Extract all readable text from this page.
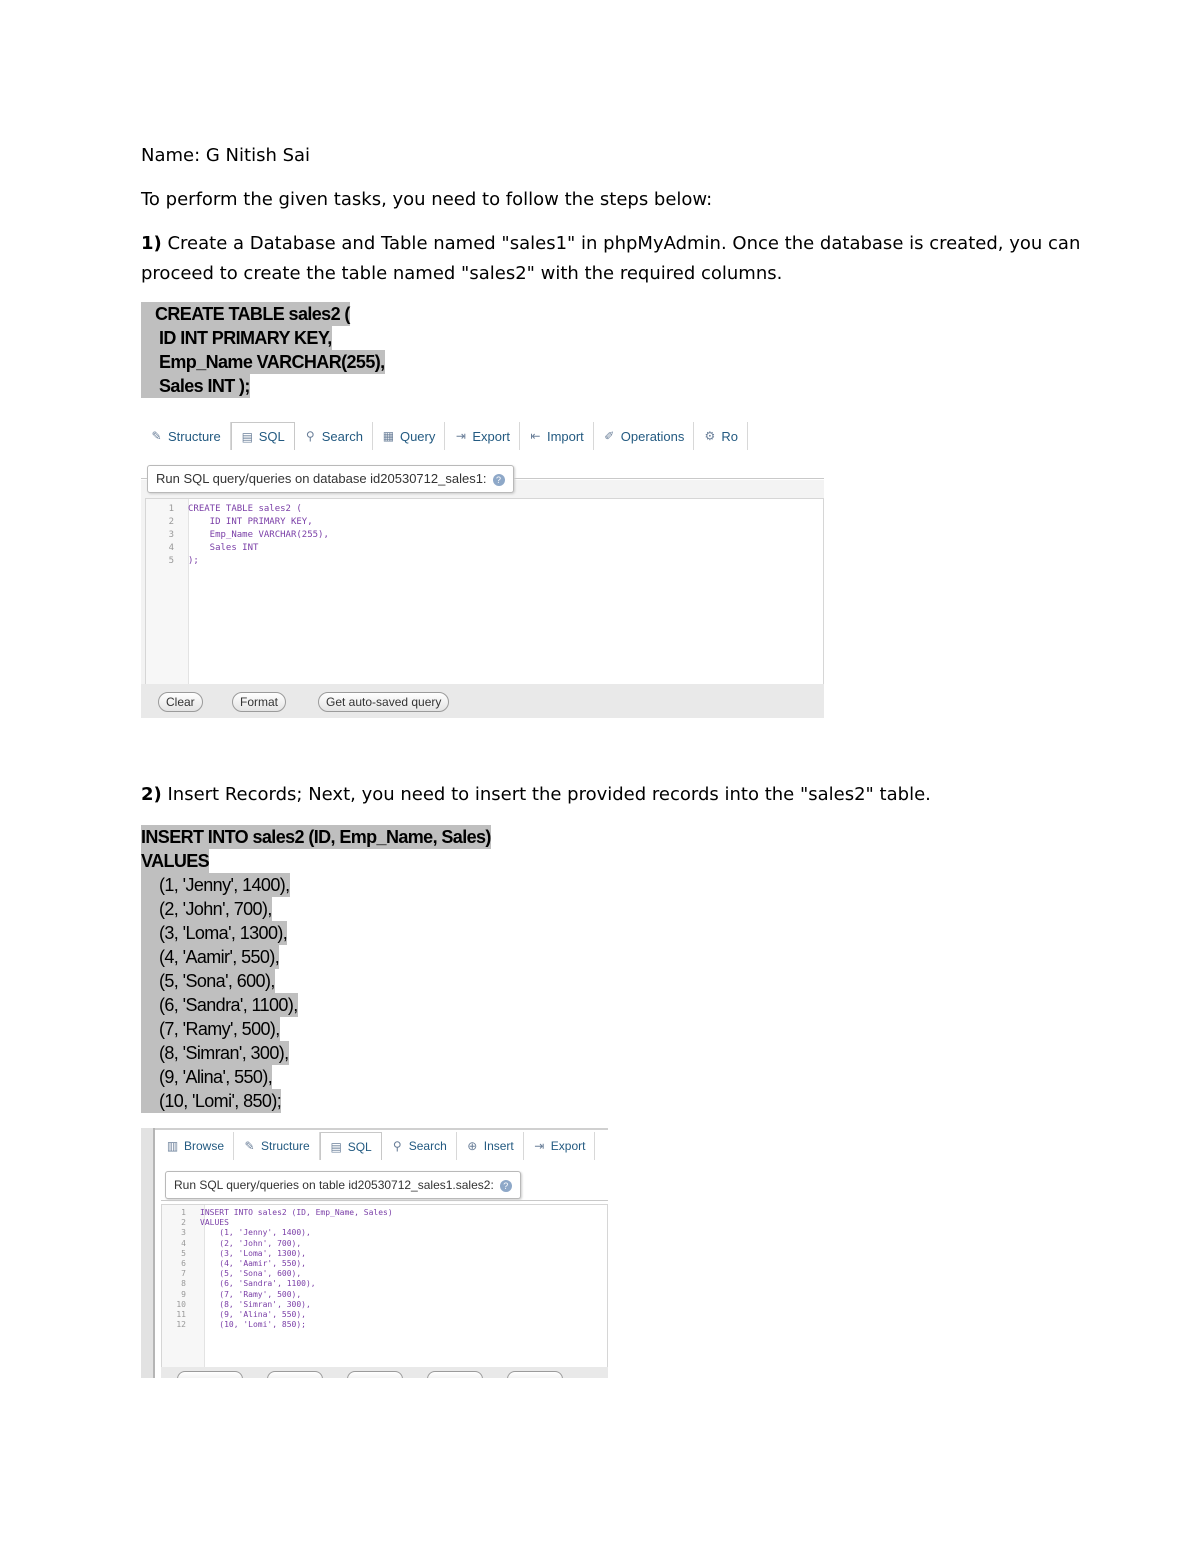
Name: G Nitish Sai
To perform the given tasks, you need to follow the steps below:
1) Create a Database and Table named "sales1" in phpMyAdmin. Once the database is created, you can proceed to create the table named "sales2" with the required columns.
CREATE TABLE sales2 (
ID INT PRIMARY KEY,
Emp_Name VARCHAR(255),
Sales INT );
✎ Structure ▤ SQL ⚲ Search ▦ Query ⇥ Export ⇤ Import ✐ Operations ⚙ Ro
Run SQL query/queries on database id20530712_sales1: ?
1 CREATE TABLE sales2 (
2    ID INT PRIMARY KEY,
3    Emp_Name VARCHAR(255),
4    Sales INT
5 );
Clear	Format	Get auto-saved query
2) Insert Records; Next, you need to insert the provided records into the "sales2" table.
INSERT INTO sales2 (ID, Emp_Name, Sales)
VALUES
(1, 'Jenny', 1400),
(2, 'John', 700),
(3, 'Loma', 1300),
(4, 'Aamir', 550),
(5, 'Sona', 600),
(6, 'Sandra', 1100),
(7, 'Ramy', 500),
(8, 'Simran', 300),
(9, 'Alina', 550),
(10, 'Lomi', 850);
▥ Browse ✎ Structure ▤ SQL ⚲ Search ⊕ Insert ⇥ Export
Run SQL query/queries on table id20530712_sales1.sales2: ?
1 INSERT INTO sales2 (ID, Emp_Name, Sales)
2 VALUES
3    (1, 'Jenny', 1400),
4    (2, 'John', 700),
5    (3, 'Loma', 1300),
6    (4, 'Aamir', 550),
7    (5, 'Sona', 600),
8    (6, 'Sandra', 1100),
9    (7, 'Ramy', 500),
10    (8, 'Simran', 300),
11    (9, 'Alina', 550),
12    (10, 'Lomi', 850);
